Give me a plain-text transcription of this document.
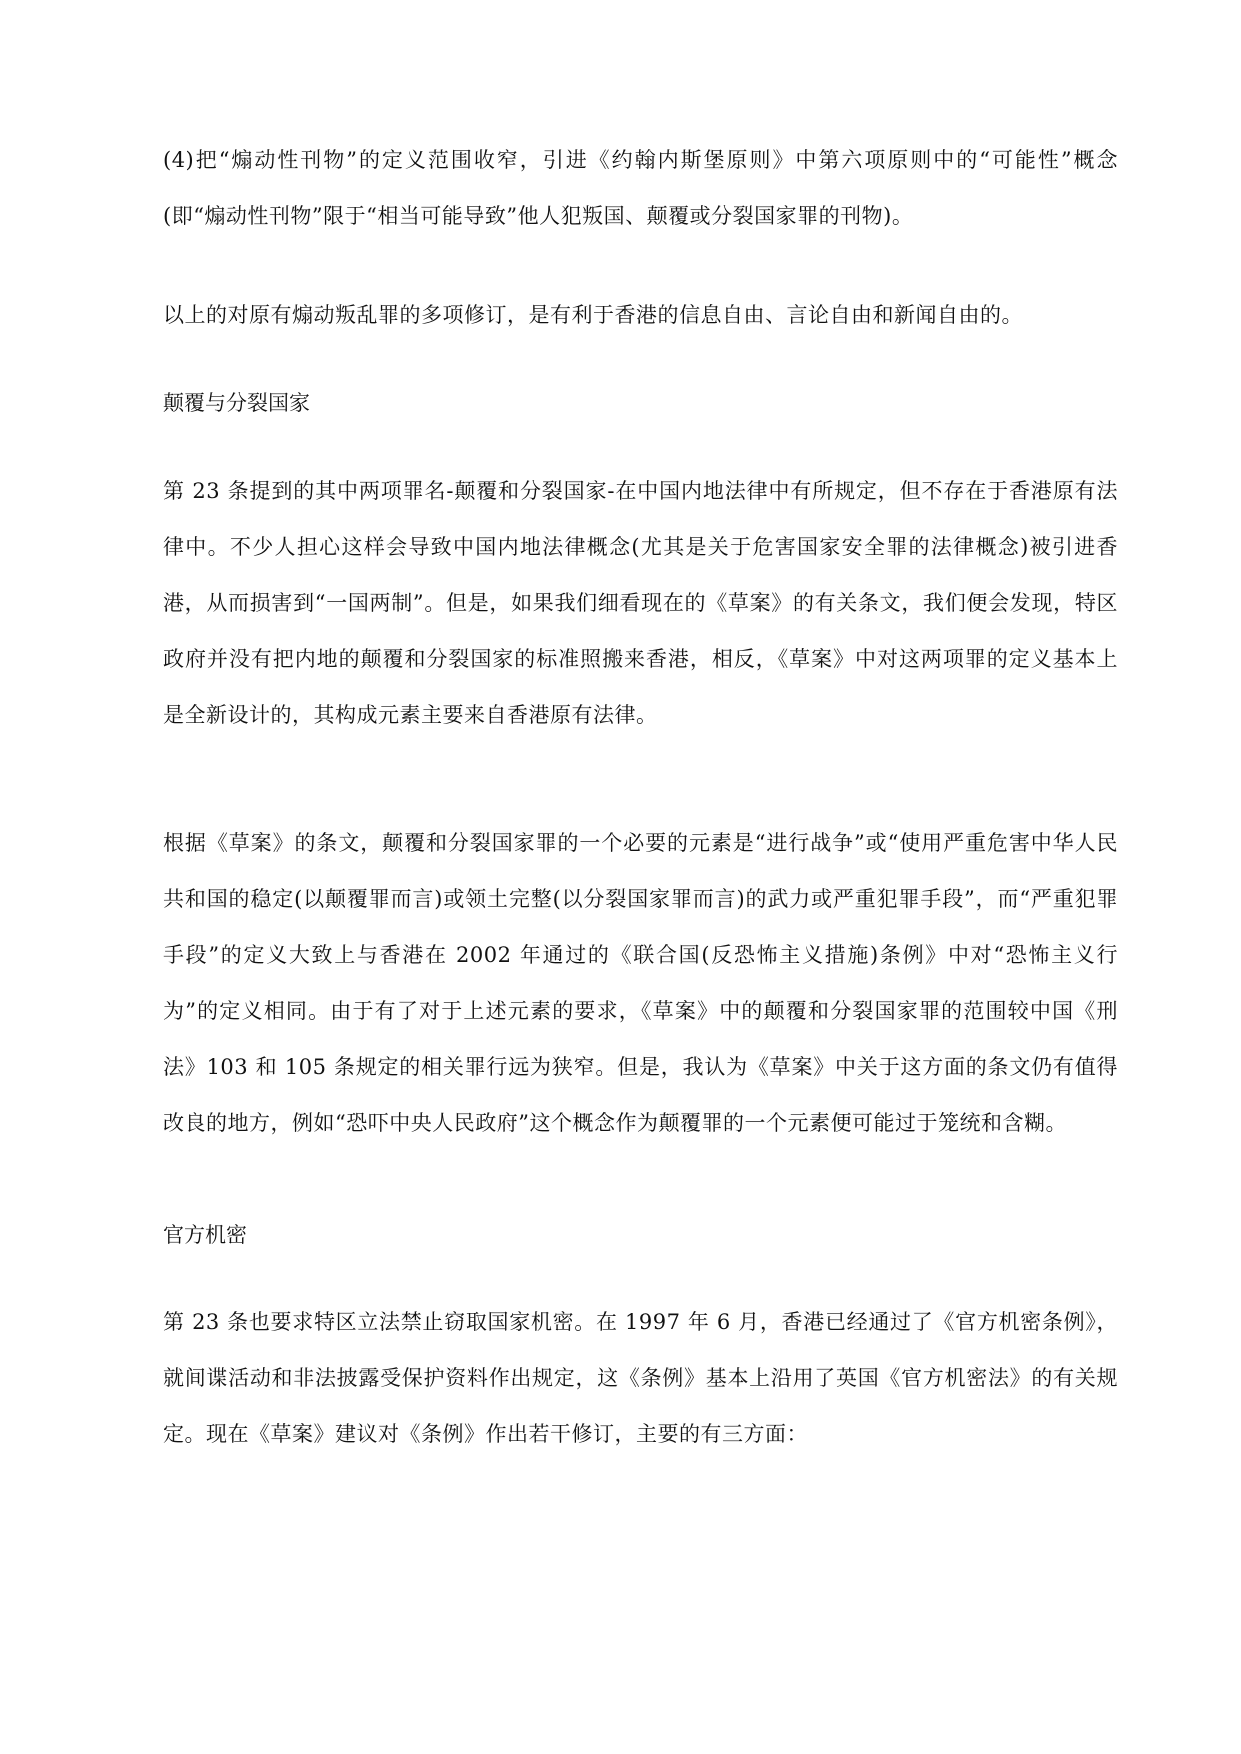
(4)把“煽动性刊物”的定义范围收窄，引进《约翰内斯堡原则》中第六项原则中的“可能性”概念(即“煽动性刊物”限于“相当可能导致”他人犯叛国、颠覆或分裂国家罪的刊物)。

以上的对原有煽动叛乱罪的多项修订，是有利于香港的信息自由、言论自由和新闻自由的。

颠覆与分裂国家

第 23 条提到的其中两项罪名-颠覆和分裂国家-在中国内地法律中有所规定，但不存在于香港原有法律中。不少人担心这样会导致中国内地法律概念(尤其是关于危害国家安全罪的法律概念)被引进香港，从而损害到“一国两制”。但是，如果我们细看现在的《草案》的有关条文，我们便会发现，特区政府并没有把内地的颠覆和分裂国家的标准照搬来香港，相反，《草案》中对这两项罪的定义基本上是全新设计的，其构成元素主要来自香港原有法律。

根据《草案》的条文，颠覆和分裂国家罪的一个必要的元素是“进行战争”或“使用严重危害中华人民共和国的稳定(以颠覆罪而言)或领土完整(以分裂国家罪而言)的武力或严重犯罪手段”，而“严重犯罪手段”的定义大致上与香港在 2002 年通过的《联合国(反恐怖主义措施)条例》中对“恐怖主义行为”的定义相同。由于有了对于上述元素的要求，《草案》中的颠覆和分裂国家罪的范围较中国《刑法》103 和 105 条规定的相关罪行远为狭窄。但是，我认为《草案》中关于这方面的条文仍有值得改良的地方，例如“恐吓中央人民政府”这个概念作为颠覆罪的一个元素便可能过于笼统和含糊。

官方机密

第 23 条也要求特区立法禁止窃取国家机密。在 1997 年 6 月，香港已经通过了《官方机密条例》，就间谍活动和非法披露受保护资料作出规定，这《条例》基本上沿用了英国《官方机密法》的有关规定。现在《草案》建议对《条例》作出若干修订，主要的有三方面：
